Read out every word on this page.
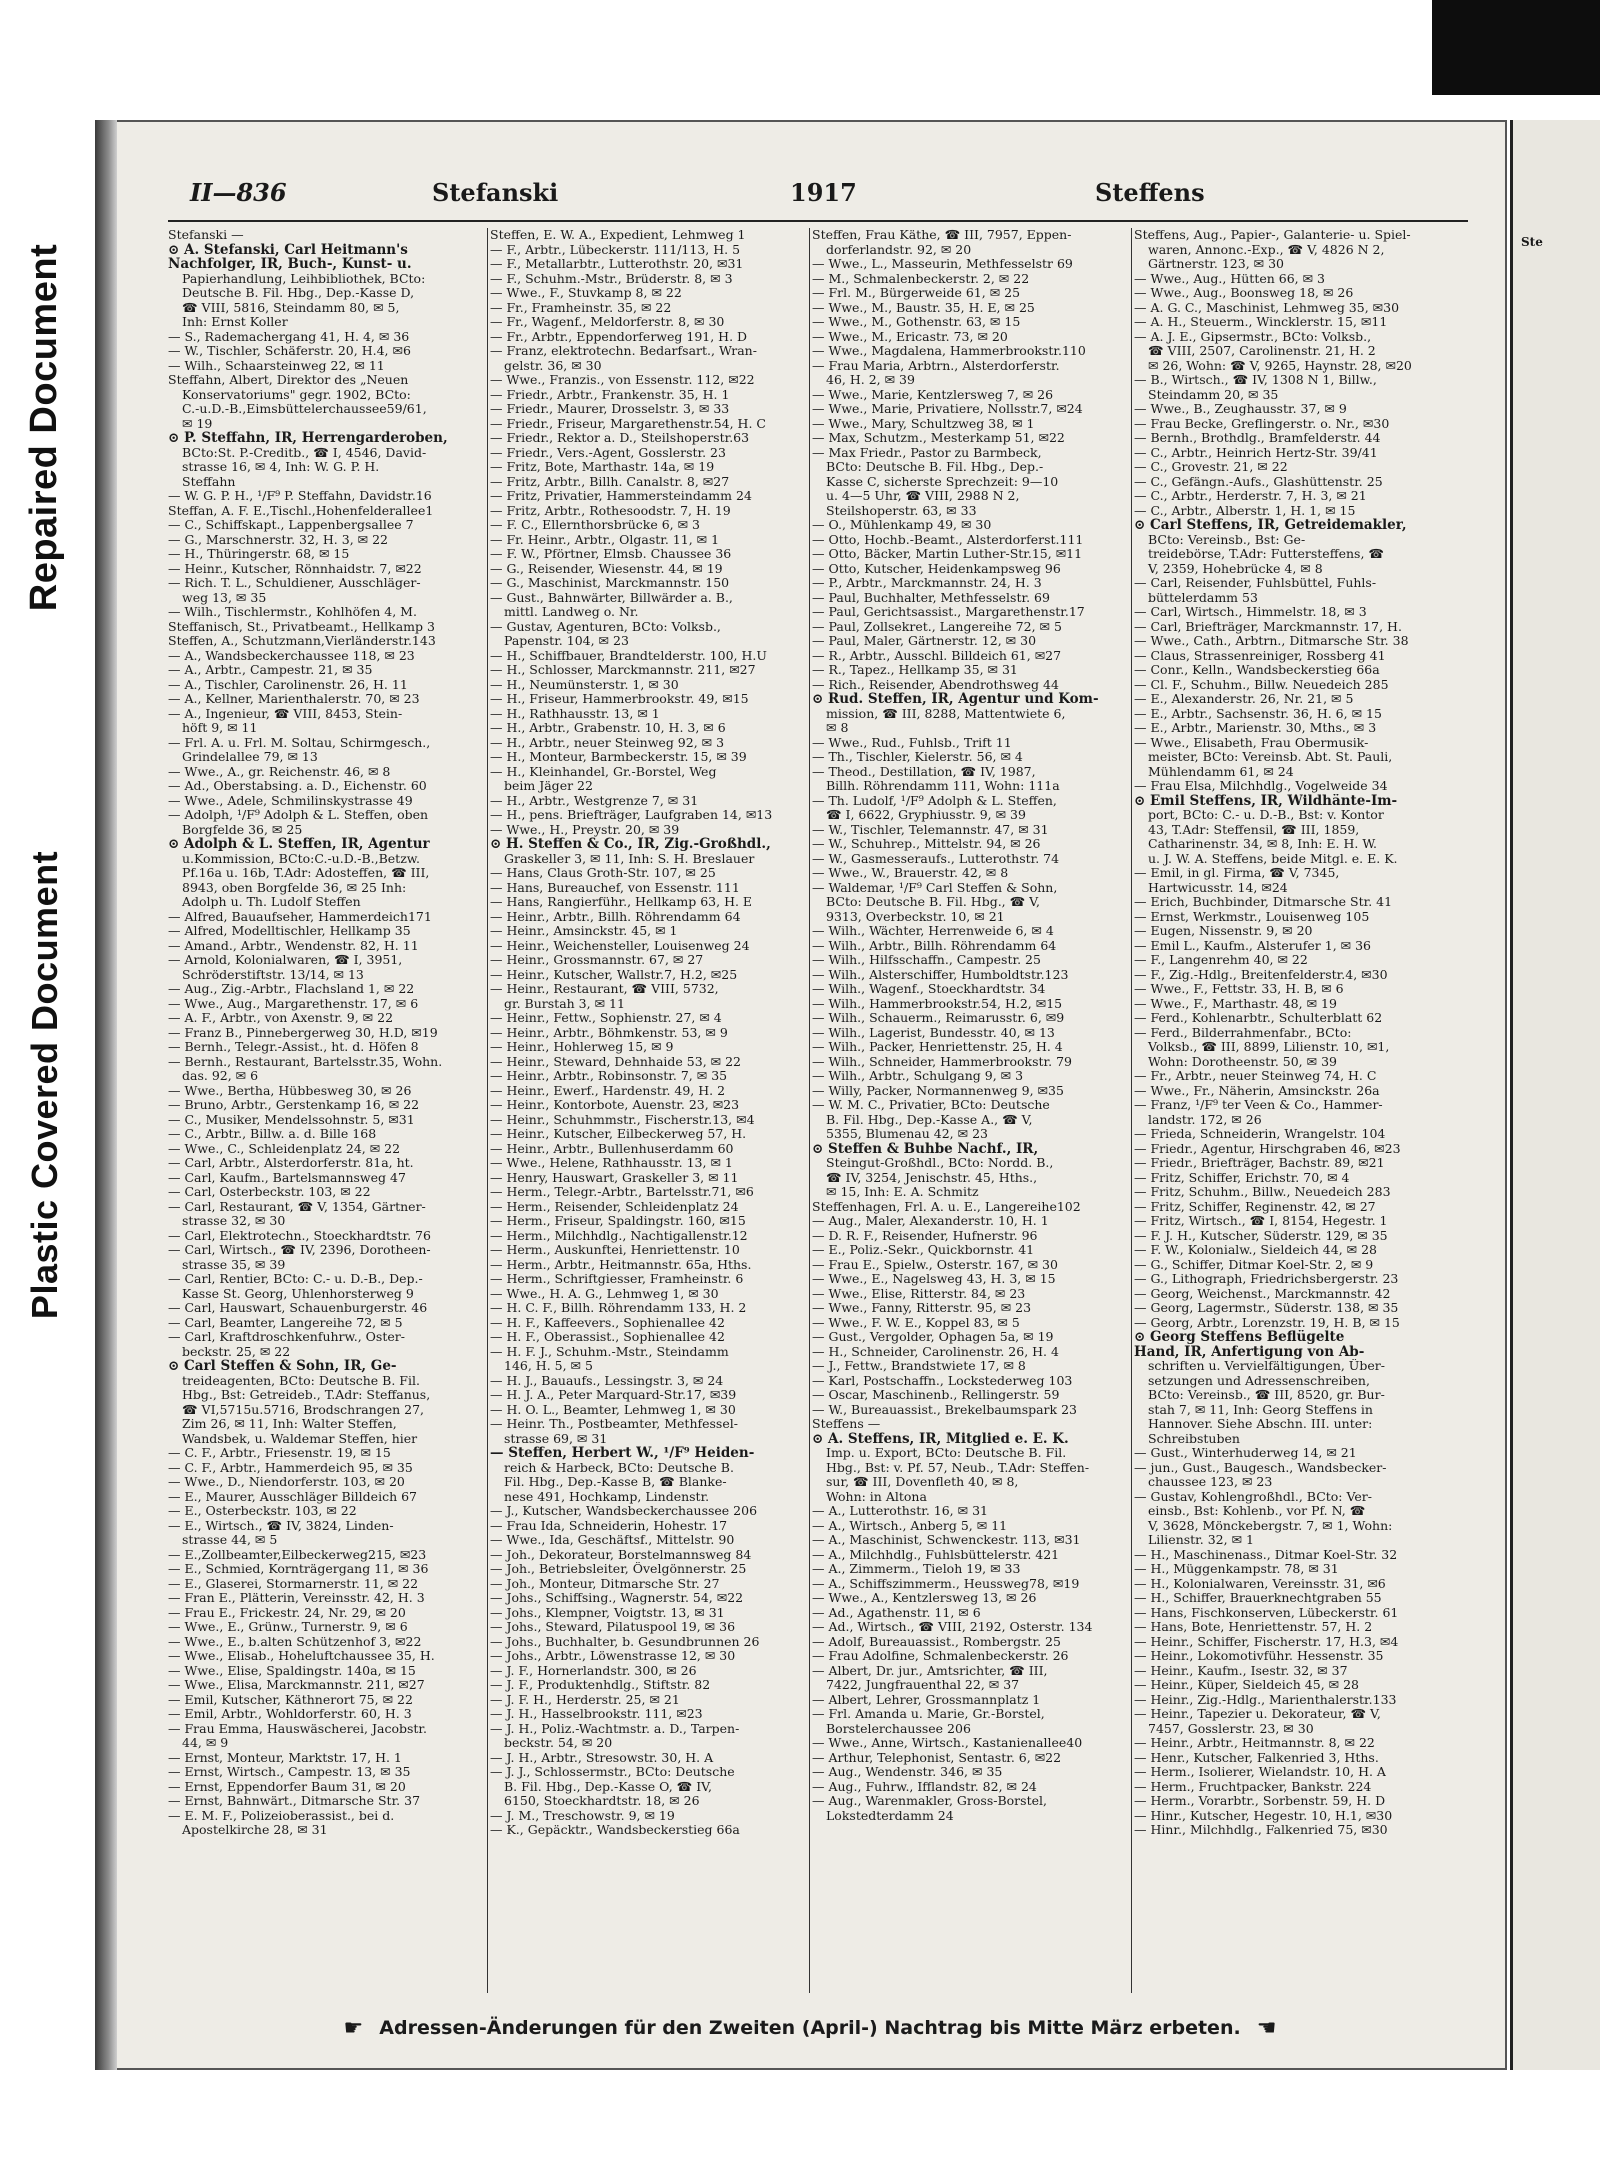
Repaired Document
Plastic Covered Document
Ste
II—836	Stefanski	1917	Steffens
Stefanski —
⊙ A. Stefanski, Carl Heitmann's
Nachfolger, IR, Buch-, Kunst- u.
Papierhandlung, Leihbibliothek, BCto:
Deutsche B. Fil. Hbg., Dep.-Kasse D,
☎ VIII, 5816, Steindamm 80, ✉ 5,
Inh: Ernst Koller
— S., Rademachergang 41, H. 4, ✉ 36
— W., Tischler, Schäferstr. 20, H.4, ✉6
— Wilh., Schaarsteinweg 22, ✉ 11
Steffahn, Albert, Direktor des „Neuen
Konservatoriums" gegr. 1902, BCto:
C.-u.D.-B.,Eimsbüttelerchaussee59/61,
✉ 19
⊙ P. Steffahn, IR, Herrengarderoben,
BCto:St. P.-Creditb., ☎ I, 4546, David-
strasse 16, ✉ 4, Inh: W. G. P. H.
Steffahn
— W. G. P. H., ¹/F⁹ P. Steffahn, Davidstr.16
Steffan, A. F. E.,Tischl.,Hohenfelderallee1
— C., Schiffskapt., Lappenbergsallee 7
— G., Marschnerstr. 32, H. 3, ✉ 22
— H., Thüringerstr. 68, ✉ 15
— Heinr., Kutscher, Rönnhaidstr. 7, ✉22
— Rich. T. L., Schuldiener, Ausschläger-
weg 13, ✉ 35
— Wilh., Tischlermstr., Kohlhöfen 4, M.
Steffanisch, St., Privatbeamt., Hellkamp 3
Steffen, A., Schutzmann,Vierländerstr.143
— A., Wandsbeckerchaussee 118, ✉ 23
— A., Arbtr., Campestr. 21, ✉ 35
— A., Tischler, Carolinenstr. 26, H. 11
— A., Kellner, Marienthalerstr. 70, ✉ 23
— A., Ingenieur, ☎ VIII, 8453, Stein-
höft 9, ✉ 11
— Frl. A. u. Frl. M. Soltau, Schirmgesch.,
Grindelallee 79, ✉ 13
— Wwe., A., gr. Reichenstr. 46, ✉ 8
— Ad., Oberstabsing. a. D., Eichenstr. 60
— Wwe., Adele, Schmilinskystrasse 49
— Adolph, ¹/F⁹ Adolph & L. Steffen, oben
Borgfelde 36, ✉ 25
⊙ Adolph & L. Steffen, IR, Agentur
u.Kommission, BCto:C.-u.D.-B.,Betzw.
Pf.16a u. 16b, T.Adr: Adosteffen, ☎ III,
8943, oben Borgfelde 36, ✉ 25 Inh:
Adolph u. Th. Ludolf Steffen
— Alfred, Bauaufseher, Hammerdeich171
— Alfred, Modelltischler, Hellkamp 35
— Amand., Arbtr., Wendenstr. 82, H. 11
— Arnold, Kolonialwaren, ☎ I, 3951,
Schröderstiftstr. 13/14, ✉ 13
— Aug., Zig.-Arbtr., Flachsland 1, ✉ 22
— Wwe., Aug., Margarethenstr. 17, ✉ 6
— A. F., Arbtr., von Axenstr. 9, ✉ 22
— Franz B., Pinnebergerweg 30, H.D, ✉19
— Bernh., Telegr.-Assist., ht. d. Höfen 8
— Bernh., Restaurant, Bartelsstr.35, Wohn.
das. 92, ✉ 6
— Wwe., Bertha, Hübbesweg 30, ✉ 26
— Bruno, Arbtr., Gerstenkamp 16, ✉ 22
— C., Musiker, Mendelssohnstr. 5, ✉31
— C., Arbtr., Billw. a. d. Bille 168
— Wwe., C., Schleidenplatz 24, ✉ 22
— Carl, Arbtr., Alsterdorferstr. 81a, ht.
— Carl, Kaufm., Bartelsmannsweg 47
— Carl, Osterbeckstr. 103, ✉ 22
— Carl, Restaurant, ☎ V, 1354, Gärtner-
strasse 32, ✉ 30
— Carl, Elektrotechn., Stoeckhardtstr. 76
— Carl, Wirtsch., ☎ IV, 2396, Dorotheen-
strasse 35, ✉ 39
— Carl, Rentier, BCto: C.- u. D.-B., Dep.-
Kasse St. Georg, Uhlenhorsterweg 9
— Carl, Hauswart, Schauenburgerstr. 46
— Carl, Beamter, Langereihe 72, ✉ 5
— Carl, Kraftdroschkenfuhrw., Oster-
beckstr. 25, ✉ 22
⊙ Carl Steffen & Sohn, IR, Ge-
treideagenten, BCto: Deutsche B. Fil.
Hbg., Bst: Getreideb., T.Adr: Steffanus,
☎ VI,5715u.5716, Brodschrangen 27,
Zim 26, ✉ 11, Inh: Walter Steffen,
Wandsbek, u. Waldemar Steffen, hier
— C. F., Arbtr., Friesenstr. 19, ✉ 15
— C. F., Arbtr., Hammerdeich 95, ✉ 35
— Wwe., D., Niendorferstr. 103, ✉ 20
— E., Maurer, Ausschläger Billdeich 67
— E., Osterbeckstr. 103, ✉ 22
— E., Wirtsch., ☎ IV, 3824, Linden-
strasse 44, ✉ 5
— E.,Zollbeamter,Eilbeckerweg215, ✉23
— E., Schmied, Kornträgergang 11, ✉ 36
— E., Glaserei, Stormarnerstr. 11, ✉ 22
— Fran E., Plätterin, Vereinsstr. 42, H. 3
— Frau E., Frickestr. 24, Nr. 29, ✉ 20
— Wwe., E., Grünw., Turnerstr. 9, ✉ 6
— Wwe., E., b.alten Schützenhof 3, ✉22
— Wwe., Elisab., Hoheluftchaussee 35, H.
— Wwe., Elise, Spaldingstr. 140a, ✉ 15
— Wwe., Elisa, Marckmannstr. 211, ✉27
— Emil, Kutscher, Käthnerort 75, ✉ 22
— Emil, Arbtr., Wohldorferstr. 60, H. 3
— Frau Emma, Hauswäscherei, Jacobstr.
44, ✉ 9
— Ernst, Monteur, Marktstr. 17, H. 1
— Ernst, Wirtsch., Campestr. 13, ✉ 35
— Ernst, Eppendorfer Baum 31, ✉ 20
— Ernst, Bahnwärt., Ditmarsche Str. 37
— E. M. F., Polizeioberassist., bei d.
Apostelkirche 28, ✉ 31
Steffen, E. W. A., Expedient, Lehmweg 1
— F., Arbtr., Lübeckerstr. 111/113, H. 5
— F., Metallarbtr., Lutterothstr. 20, ✉31
— F., Schuhm.-Mstr., Brüderstr. 8, ✉ 3
— Wwe., F., Stuvkamp 8, ✉ 22
— Fr., Framheinstr. 35, ✉ 22
— Fr., Wagenf., Meldorferstr. 8, ✉ 30
— Fr., Arbtr., Eppendorferweg 191, H. D
— Franz, elektrotechn. Bedarfsart., Wran-
gelstr. 36, ✉ 30
— Wwe., Franzis., von Essenstr. 112, ✉22
— Friedr., Arbtr., Frankenstr. 35, H. 1
— Friedr., Maurer, Drosselstr. 3, ✉ 33
— Friedr., Friseur, Margarethenstr.54, H. C
— Friedr., Rektor a. D., Steilshoperstr.63
— Friedr., Vers.-Agent, Gosslerstr. 23
— Fritz, Bote, Marthastr. 14a, ✉ 19
— Fritz, Arbtr., Billh. Canalstr. 8, ✉27
— Fritz, Privatier, Hammersteindamm 24
— Fritz, Arbtr., Rothesoodstr. 7, H. 19
— F. C., Ellernthorsbrücke 6, ✉ 3
— Fr. Heinr., Arbtr., Olgastr. 11, ✉ 1
— F. W., Pförtner, Elmsb. Chaussee 36
— G., Reisender, Wiesenstr. 44, ✉ 19
— G., Maschinist, Marckmannstr. 150
— Gust., Bahnwärter, Billwärder a. B.,
mittl. Landweg o. Nr.
— Gustav, Agenturen, BCto: Volksb.,
Papenstr. 104, ✉ 23
— H., Schiffbauer, Brandtelderstr. 100, H.U
— H., Schlosser, Marckmannstr. 211, ✉27
— H., Neumünsterstr. 1, ✉ 30
— H., Friseur, Hammerbrookstr. 49, ✉15
— H., Rathhausstr. 13, ✉ 1
— H., Arbtr., Grabenstr. 10, H. 3, ✉ 6
— H., Arbtr., neuer Steinweg 92, ✉ 3
— H., Monteur, Barmbeckerstr. 15, ✉ 39
— H., Kleinhandel, Gr.-Borstel, Weg
beim Jäger 22
— H., Arbtr., Westgrenze 7, ✉ 31
— H., pens. Briefträger, Laufgraben 14, ✉13
— Wwe., H., Preystr. 20, ✉ 39
⊙ H. Steffen & Co., IR, Zig.-Großhdl.,
Graskeller 3, ✉ 11, Inh: S. H. Breslauer
— Hans, Claus Groth-Str. 107, ✉ 25
— Hans, Bureauchef, von Essenstr. 111
— Hans, Rangierführ., Hellkamp 63, H. E
— Heinr., Arbtr., Billh. Röhrendamm 64
— Heinr., Amsinckstr. 45, ✉ 1
— Heinr., Weichensteller, Louisenweg 24
— Heinr., Grossmannstr. 67, ✉ 27
— Heinr., Kutscher, Wallstr.7, H.2, ✉25
— Heinr., Restaurant, ☎ VIII, 5732,
gr. Burstah 3, ✉ 11
— Heinr., Fettw., Sophienstr. 27, ✉ 4
— Heinr., Arbtr., Böhmkenstr. 53, ✉ 9
— Heinr., Hohlerweg 15, ✉ 9
— Heinr., Steward, Dehnhaide 53, ✉ 22
— Heinr., Arbtr., Robinsonstr. 7, ✉ 35
— Heinr., Ewerf., Hardenstr. 49, H. 2
— Heinr., Kontorbote, Auenstr. 23, ✉23
— Heinr., Schuhmmstr., Fischerstr.13, ✉4
— Heinr., Kutscher, Eilbeckerweg 57, H.
— Heinr., Arbtr., Bullenhuserdamm 60
— Wwe., Helene, Rathhausstr. 13, ✉ 1
— Henry, Hauswart, Graskeller 3, ✉ 11
— Herm., Telegr.-Arbtr., Bartelsstr.71, ✉6
— Herm., Reisender, Schleidenplatz 24
— Herm., Friseur, Spaldingstr. 160, ✉15
— Herm., Milchhdlg., Nachtigallenstr.12
— Herm., Auskunftei, Henriettenstr. 10
— Herm., Arbtr., Heitmannstr. 65a, Hths.
— Herm., Schriftgiesser, Framheinstr. 6
— Wwe., H. A. G., Lehmweg 1, ✉ 30
— H. C. F., Billh. Röhrendamm 133, H. 2
— H. F., Kaffeevers., Sophienallee 42
— H. F., Oberassist., Sophienallee 42
— H. F. J., Schuhm.-Mstr., Steindamm
146, H. 5, ✉ 5
— H. J., Bauaufs., Lessingstr. 3, ✉ 24
— H. J. A., Peter Marquard-Str.17, ✉39
— H. O. L., Beamter, Lehmweg 1, ✉ 30
— Heinr. Th., Postbeamter, Methfessel-
strasse 69, ✉ 31
— Steffen, Herbert W., ¹/F⁹ Heiden-
reich & Harbeck, BCto: Deutsche B.
Fil. Hbg., Dep.-Kasse B, ☎ Blanke-
nese 491, Hochkamp, Lindenstr.
— J., Kutscher, Wandsbeckerchaussee 206
— Frau Ida, Schneiderin, Hohestr. 17
— Wwe., Ida, Geschäftsf., Mittelstr. 90
— Joh., Dekorateur, Borstelmannsweg 84
— Joh., Betriebsleiter, Övelgönnerstr. 25
— Joh., Monteur, Ditmarsche Str. 27
— Johs., Schiffsing., Wagnerstr. 54, ✉22
— Johs., Klempner, Voigtstr. 13, ✉ 31
— Johs., Steward, Pilatuspool 19, ✉ 36
— Johs., Buchhalter, b. Gesundbrunnen 26
— Johs., Arbtr., Löwenstrasse 12, ✉ 30
— J. F., Hornerlandstr. 300, ✉ 26
— J. F., Produktenhdlg., Stiftstr. 82
— J. F. H., Herderstr. 25, ✉ 21
— J. H., Hasselbrookstr. 111, ✉23
— J. H., Poliz.-Wachtmstr. a. D., Tarpen-
beckstr. 54, ✉ 20
— J. H., Arbtr., Stresowstr. 30, H. A
— J. J., Schlossermstr., BCto: Deutsche
B. Fil. Hbg., Dep.-Kasse O, ☎ IV,
6150, Stoeckhardtstr. 18, ✉ 26
— J. M., Treschowstr. 9, ✉ 19
— K., Gepäcktr., Wandsbeckerstieg 66a
Steffen, Frau Käthe, ☎ III, 7957, Eppen-
dorferlandstr. 92, ✉ 20
— Wwe., L., Masseurin, Methfesselstr 69
— M., Schmalenbeckerstr. 2, ✉ 22
— Frl. M., Bürgerweide 61, ✉ 25
— Wwe., M., Baustr. 35, H. E, ✉ 25
— Wwe., M., Gothenstr. 63, ✉ 15
— Wwe., M., Ericastr. 73, ✉ 20
— Wwe., Magdalena, Hammerbrookstr.110
— Frau Maria, Arbtrn., Alsterdorferstr.
46, H. 2, ✉ 39
— Wwe., Marie, Kentzlersweg 7, ✉ 26
— Wwe., Marie, Privatiere, Nollsstr.7, ✉24
— Wwe., Mary, Schultzweg 38, ✉ 1
— Max, Schutzm., Mesterkamp 51, ✉22
— Max Friedr., Pastor zu Barmbeck,
BCto: Deutsche B. Fil. Hbg., Dep.-
Kasse C, sicherste Sprechzeit: 9—10
u. 4—5 Uhr, ☎ VIII, 2988 N 2,
Steilshoperstr. 63, ✉ 33
— O., Mühlenkamp 49, ✉ 30
— Otto, Hochb.-Beamt., Alsterdorferst.111
— Otto, Bäcker, Martin Luther-Str.15, ✉11
— Otto, Kutscher, Heidenkampsweg 96
— P., Arbtr., Marckmannstr. 24, H. 3
— Paul, Buchhalter, Methfesselstr. 69
— Paul, Gerichtsassist., Margarethenstr.17
— Paul, Zollsekret., Langereihe 72, ✉ 5
— Paul, Maler, Gärtnerstr. 12, ✉ 30
— R., Arbtr., Ausschl. Billdeich 61, ✉27
— R., Tapez., Hellkamp 35, ✉ 31
— Rich., Reisender, Abendrothsweg 44
⊙ Rud. Steffen, IR, Agentur und Kom-
mission, ☎ III, 8288, Mattentwiete 6,
✉ 8
— Wwe., Rud., Fuhlsb., Trift 11
— Th., Tischler, Kielerstr. 56, ✉ 4
— Theod., Destillation, ☎ IV, 1987,
Billh. Röhrendamm 111, Wohn: 111a
— Th. Ludolf, ¹/F⁹ Adolph & L. Steffen,
☎ I, 6622, Gryphiusstr. 9, ✉ 39
— W., Tischler, Telemannstr. 47, ✉ 31
— W., Schuhrep., Mittelstr. 94, ✉ 26
— W., Gasmesseraufs., Lutterothstr. 74
— Wwe., W., Brauerstr. 42, ✉ 8
— Waldemar, ¹/F⁹ Carl Steffen & Sohn,
BCto: Deutsche B. Fil. Hbg., ☎ V,
9313, Overbeckstr. 10, ✉ 21
— Wilh., Wächter, Herrenweide 6, ✉ 4
— Wilh., Arbtr., Billh. Röhrendamm 64
— Wilh., Hilfsschaffn., Campestr. 25
— Wilh., Alsterschiffer, Humboldtstr.123
— Wilh., Wagenf., Stoeckhardtstr. 34
— Wilh., Hammerbrookstr.54, H.2, ✉15
— Wilh., Schauerm., Reimarusstr. 6, ✉9
— Wilh., Lagerist, Bundesstr. 40, ✉ 13
— Wilh., Packer, Henriettenstr. 25, H. 4
— Wilh., Schneider, Hammerbrookstr. 79
— Wilh., Arbtr., Schulgang 9, ✉ 3
— Willy, Packer, Normannenweg 9, ✉35
— W. M. C., Privatier, BCto: Deutsche
B. Fil. Hbg., Dep.-Kasse A., ☎ V,
5355, Blumenau 42, ✉ 23
⊙ Steffen & Buhbe Nachf., IR,
Steingut-Großhdl., BCto: Nordd. B.,
☎ IV, 3254, Jenischstr. 45, Hths.,
✉ 15, Inh: E. A. Schmitz
Steffenhagen, Frl. A. u. E., Langereihe102
— Aug., Maler, Alexanderstr. 10, H. 1
— D. R. F., Reisender, Hufnerstr. 96
— E., Poliz.-Sekr., Quickbornstr. 41
— Frau E., Spielw., Osterstr. 167, ✉ 30
— Wwe., E., Nagelsweg 43, H. 3, ✉ 15
— Wwe., Elise, Ritterstr. 84, ✉ 23
— Wwe., Fanny, Ritterstr. 95, ✉ 23
— Wwe., F. W. E., Koppel 83, ✉ 5
— Gust., Vergolder, Ophagen 5a, ✉ 19
— H., Schneider, Carolinenstr. 26, H. 4
— J., Fettw., Brandstwiete 17, ✉ 8
— Karl, Postschaffn., Lockstederweg 103
— Oscar, Maschinenb., Rellingerstr. 59
— W., Bureauassist., Brekelbaumspark 23
Steffens —
⊙ A. Steffens, IR, Mitglied e. E. K.
Imp. u. Export, BCto: Deutsche B. Fil.
Hbg., Bst: v. Pf. 57, Neub., T.Adr: Steffen-
sur, ☎ III, Dovenfleth 40, ✉ 8,
Wohn: in Altona
— A., Lutterothstr. 16, ✉ 31
— A., Wirtsch., Anberg 5, ✉ 11
— A., Maschinist, Schwenckestr. 113, ✉31
— A., Milchhdlg., Fuhlsbüttelerstr. 421
— A., Zimmerm., Tieloh 19, ✉ 33
— A., Schiffszimmerm., Heussweg78, ✉19
— Wwe., A., Kentzlersweg 13, ✉ 26
— Ad., Agathenstr. 11, ✉ 6
— Ad., Wirtsch., ☎ VIII, 2192, Osterstr. 134
— Adolf, Bureauassist., Rombergstr. 25
— Frau Adolfine, Schmalenbeckerstr. 26
— Albert, Dr. jur., Amtsrichter, ☎ III,
7422, Jungfrauenthal 22, ✉ 37
— Albert, Lehrer, Grossmannplatz 1
— Frl. Amanda u. Marie, Gr.-Borstel,
Borstelerchaussee 206
— Wwe., Anne, Wirtsch., Kastanienallee40
— Arthur, Telephonist, Sentastr. 6, ✉22
— Aug., Wendenstr. 346, ✉ 35
— Aug., Fuhrw., Ifflandstr. 82, ✉ 24
— Aug., Warenmakler, Gross-Borstel,
Lokstedterdamm 24
Steffens, Aug., Papier-, Galanterie- u. Spiel-
waren, Annonc.-Exp., ☎ V, 4826 N 2,
Gärtnerstr. 123, ✉ 30
— Wwe., Aug., Hütten 66, ✉ 3
— Wwe., Aug., Boonsweg 18, ✉ 26
— A. G. C., Maschinist, Lehmweg 35, ✉30
— A. H., Steuerm., Wincklerstr. 15, ✉11
— A. J. E., Gipsermstr., BCto: Volksb.,
☎ VIII, 2507, Carolinenstr. 21, H. 2
✉ 26, Wohn: ☎ V, 9265, Haynstr. 28, ✉20
— B., Wirtsch., ☎ IV, 1308 N 1, Billw.,
Steindamm 20, ✉ 35
— Wwe., B., Zeughausstr. 37, ✉ 9
— Frau Becke, Greflingerstr. o. Nr., ✉30
— Bernh., Brothdlg., Bramfelderstr. 44
— C., Arbtr., Heinrich Hertz-Str. 39/41
— C., Grovestr. 21, ✉ 22
— C., Gefängn.-Aufs., Glashüttenstr. 25
— C., Arbtr., Herderstr. 7, H. 3, ✉ 21
— C., Arbtr., Alberstr. 1, H. 1, ✉ 15
⊙ Carl Steffens, IR, Getreidemakler,
BCto: Vereinsb., Bst: Ge-
treidebörse, T.Adr: Futtersteffens, ☎
V, 2359, Hohebrücke 4, ✉ 8
— Carl, Reisender, Fuhlsbüttel, Fuhls-
büttelerdamm 53
— Carl, Wirtsch., Himmelstr. 18, ✉ 3
— Carl, Briefträger, Marckmannstr. 17, H.
— Wwe., Cath., Arbtrn., Ditmarsche Str. 38
— Claus, Strassenreiniger, Rossberg 41
— Conr., Kelln., Wandsbeckerstieg 66a
— Cl. F., Schuhm., Billw. Neuedeich 285
— E., Alexanderstr. 26, Nr. 21, ✉ 5
— E., Arbtr., Sachsenstr. 36, H. 6, ✉ 15
— E., Arbtr., Marienstr. 30, Mths., ✉ 3
— Wwe., Elisabeth, Frau Obermusik-
meister, BCto: Vereinsb. Abt. St. Pauli,
Mühlendamm 61, ✉ 24
— Frau Elsa, Milchhdlg., Vogelweide 34
⊙ Emil Steffens, IR, Wildhänte-Im-
port, BCto: C.- u. D.-B., Bst: v. Kontor
43, T.Adr: Steffensil, ☎ III, 1859,
Catharinenstr. 34, ✉ 8, Inh: E. H. W.
u. J. W. A. Steffens, beide Mitgl. e. E. K.
— Emil, in gl. Firma, ☎ V, 7345,
Hartwicusstr. 14, ✉24
— Erich, Buchbinder, Ditmarsche Str. 41
— Ernst, Werkmstr., Louisenweg 105
— Eugen, Nissenstr. 9, ✉ 20
— Emil L., Kaufm., Alsterufer 1, ✉ 36
— F., Langenrehm 40, ✉ 22
— F., Zig.-Hdlg., Breitenfelderstr.4, ✉30
— Wwe., F., Fettstr. 33, H. B, ✉ 6
— Wwe., F., Marthastr. 48, ✉ 19
— Ferd., Kohlenarbtr., Schulterblatt 62
— Ferd., Bilderrahmenfabr., BCto:
Volksb., ☎ III, 8899, Lilienstr. 10, ✉1,
Wohn: Dorotheenstr. 50, ✉ 39
— Fr., Arbtr., neuer Steinweg 74, H. C
— Wwe., Fr., Näherin, Amsinckstr. 26a
— Franz, ¹/F⁹ ter Veen & Co., Hammer-
landstr. 172, ✉ 26
— Frieda, Schneiderin, Wrangelstr. 104
— Friedr., Agentur, Hirschgraben 46, ✉23
— Friedr., Briefträger, Bachstr. 89, ✉21
— Fritz, Schiffer, Erichstr. 70, ✉ 4
— Fritz, Schuhm., Billw., Neuedeich 283
— Fritz, Schiffer, Reginenstr. 42, ✉ 27
— Fritz, Wirtsch., ☎ I, 8154, Hegestr. 1
— F. J. H., Kutscher, Süderstr. 129, ✉ 35
— F. W., Kolonialw., Sieldeich 44, ✉ 28
— G., Schiffer, Ditmar Koel-Str. 2, ✉ 9
— G., Lithograph, Friedrichsbergerstr. 23
— Georg, Weichenst., Marckmannstr. 42
— Georg, Lagermstr., Süderstr. 138, ✉ 35
— Georg, Arbtr., Lorenzstr. 19, H. B, ✉ 15
⊙ Georg Steffens Beflügelte
Hand, IR, Anfertigung von Ab-
schriften u. Vervielfältigungen, Über-
setzungen und Adressenschreiben,
BCto: Vereinsb., ☎ III, 8520, gr. Bur-
stah 7, ✉ 11, Inh: Georg Steffens in
Hannover. Siehe Abschn. III. unter:
Schreibstuben
— Gust., Winterhuderweg 14, ✉ 21
— jun., Gust., Baugesch., Wandsbecker-
chaussee 123, ✉ 23
— Gustav, Kohlengroßhdl., BCto: Ver-
einsb., Bst: Kohlenb., vor Pf. N, ☎
V, 3628, Mönckebergstr. 7, ✉ 1, Wohn:
Lilienstr. 32, ✉ 1
— H., Maschinenass., Ditmar Koel-Str. 32
— H., Müggenkampstr. 78, ✉ 31
— H., Kolonialwaren, Vereinsstr. 31, ✉6
— H., Schiffer, Brauerknechtgraben 55
— Hans, Fischkonserven, Lübeckerstr. 61
— Hans, Bote, Henriettenstr. 57, H. 2
— Heinr., Schiffer, Fischerstr. 17, H.3, ✉4
— Heinr., Lokomotivführ. Hessenstr. 35
— Heinr., Kaufm., Isestr. 32, ✉ 37
— Heinr., Küper, Sieldeich 45, ✉ 28
— Heinr., Zig.-Hdlg., Marienthalerstr.133
— Heinr., Tapezier u. Dekorateur, ☎ V,
7457, Gosslerstr. 23, ✉ 30
— Heinr., Arbtr., Heitmannstr. 8, ✉ 22
— Henr., Kutscher, Falkenried 3, Hths.
— Herm., Isolierer, Wielandstr. 10, H. A
— Herm., Fruchtpacker, Bankstr. 224
— Herm., Vorarbtr., Sorbenstr. 59, H. D
— Hinr., Kutscher, Hegestr. 10, H.1, ✉30
— Hinr., Milchhdlg., Falkenried 75, ✉30
☛ Adressen-Änderungen für den Zweiten (April-) Nachtrag bis Mitte März erbeten. ☚
